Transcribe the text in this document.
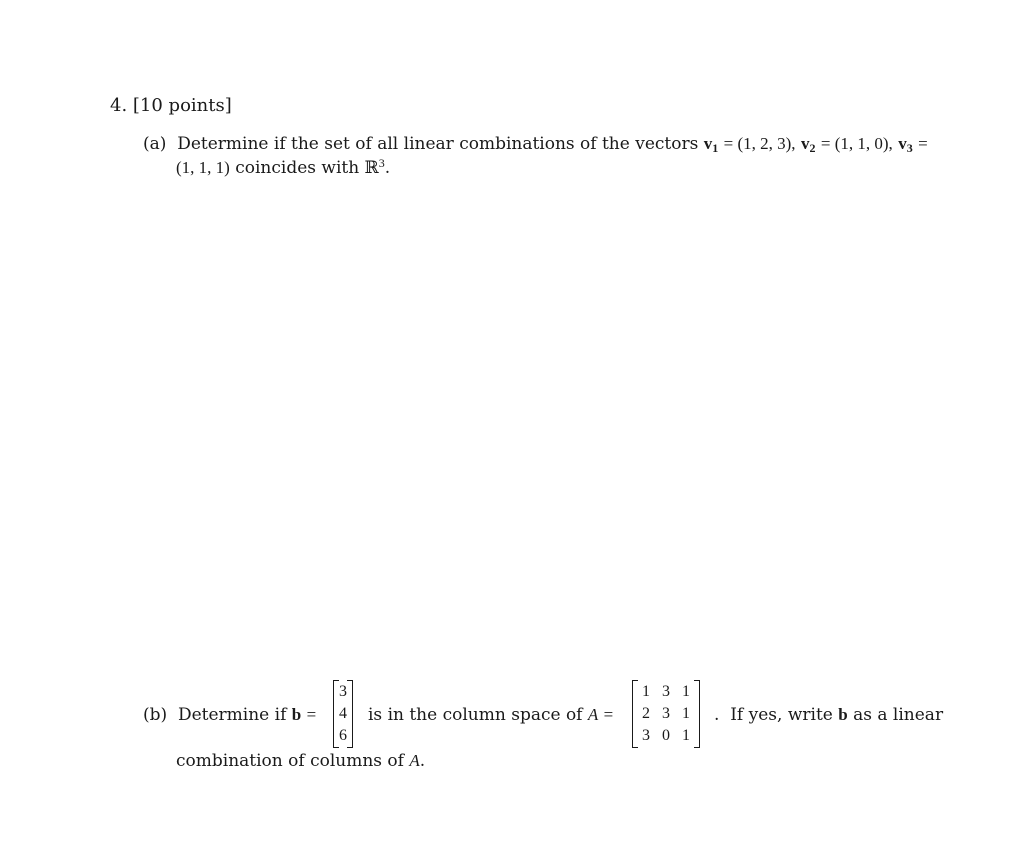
4. [10 points]
(a) Determine if the set of all linear combinations of the vectors $v_1 = (1$, 2, 3), $v_2 = (1$, 1, 0), $v_3$ =
(1, 1, 1) coincides with ℝ$^3$.
(b) Determine if b =
3
4
6
is in the column space of A =
1	3	1
2	3	1
3	0	1
. If yes, write b as a linear
combination of columns of A.
